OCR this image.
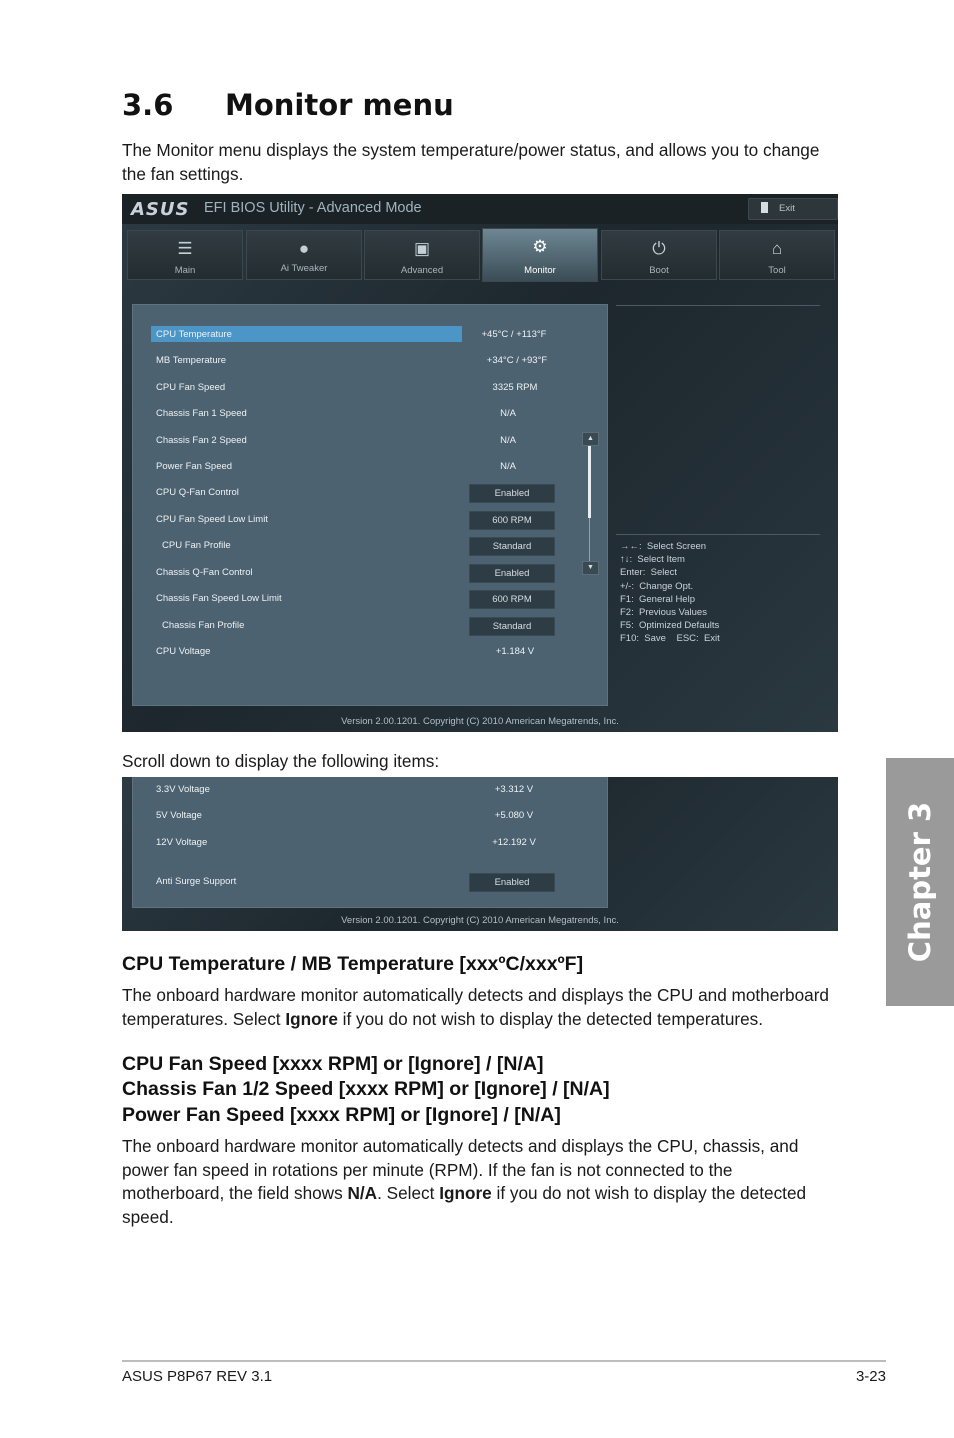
3.6 Monitor menu

The Monitor menu displays the system temperature/power status, and allows you to change the fan settings.

ASUS EFI BIOS Utility - Advanced Mode	Exit
☰
Main
●
Ai Tweaker
▣
Advanced
⚙
Monitor
⏻
Boot
⌂
Tool
CPU Temperature	+45°C / +113°F
MB Temperature	+34°C / +93°F
CPU Fan Speed	3325 RPM
Chassis Fan 1 Speed	N/A
Chassis Fan 2 Speed	N/A
Power Fan Speed	N/A
CPU Q-Fan Control	Enabled
CPU Fan Speed Low Limit	600 RPM
CPU Fan Profile	Standard
Chassis Q-Fan Control	Enabled
Chassis Fan Speed Low Limit	600 RPM
Chassis Fan Profile	Standard
CPU Voltage	+1.184 V
▲
▼
→←:  Select Screen
↑↓:  Select Item
Enter:  Select
+/-:  Change Opt.
F1:  General Help
F2:  Previous Values
F5:  Optimized Defaults
F10:  Save    ESC:  Exit
Version 2.00.1201. Copyright (C) 2010 American Megatrends, Inc.

Scroll down to display the following items:

3.3V Voltage	+3.312 V
5V Voltage	+5.080 V
12V Voltage	+12.192 V
Anti Surge Support	Enabled
Version 2.00.1201. Copyright (C) 2010 American Megatrends, Inc.
CPU Temperature / MB Temperature [xxxºC/xxxºF]

The onboard hardware monitor automatically detects and displays the CPU and motherboard temperatures. Select Ignore if you do not wish to display the detected temperatures.

CPU Fan Speed [xxxx RPM] or [Ignore] / [N/A]
Chassis Fan 1/2 Speed [xxxx RPM] or [Ignore] / [N/A]
Power Fan Speed [xxxx RPM] or [Ignore] / [N/A]

The onboard hardware monitor automatically detects and displays the CPU, chassis, and power fan speed in rotations per minute (RPM). If the fan is not connected to the motherboard, the field shows N/A. Select Ignore if you do not wish to display the detected speed.

Chapter 3
ASUS P8P67 REV 3.1	3-23
